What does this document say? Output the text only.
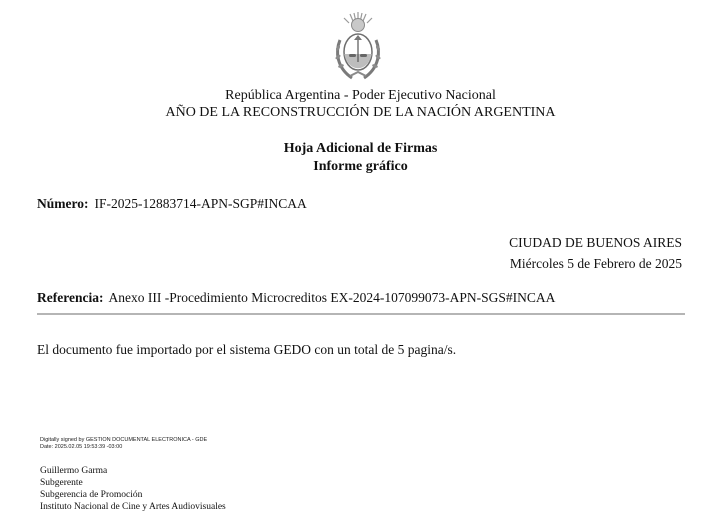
República Argentina - Poder Ejecutivo Nacional
AÑO DE LA RECONSTRUCCIÓN DE LA NACIÓN ARGENTINA
Hoja Adicional de Firmas
Informe gráfico
Número: IF-2025-12883714-APN-SGP#INCAA
CIUDAD DE BUENOS AIRES
Miércoles 5 de Febrero de 2025
Referencia: Anexo III -Procedimiento Microcreditos EX-2024-107099073-APN-SGS#INCAA
El documento fue importado por el sistema GEDO con un total de 5 pagina/s.
Digitally signed by GESTION DOCUMENTAL ELECTRONICA - GDE
Date: 2025.02.05 19:53:39 -03:00
Guillermo Garma
Subgerente
Subgerencia de Promoción
Instituto Nacional de Cine y Artes Audiovisuales
